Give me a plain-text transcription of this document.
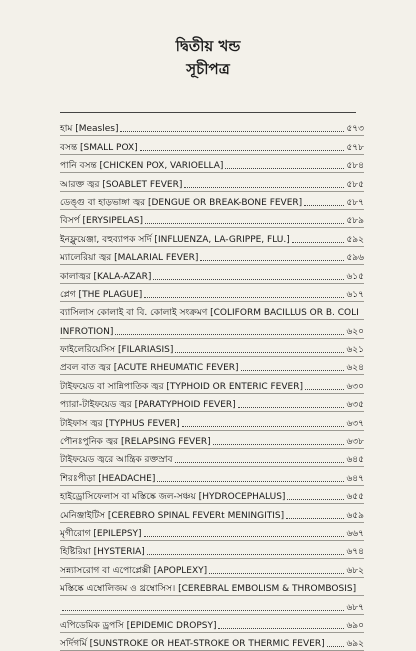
দ্বিতীয় খন্ড
সূচীপত্র
হাম [Measles]	৫৭৩
বসন্ত [SMALL POX]	৫৭৮
পানি বসন্ত [CHICKEN POX, VARIOELLA]	৫৮৪
আরক্ত জ্বর [SOABLET FEVER]	৫৮৫
ডেঙ্গু বা হাড়ভাঙ্গা জ্বর [DENGUE OR BREAK-BONE FEVER]	৫৮৭
বিসর্প [ERYSIPELAS]	৫৮৯
ইনফ্লুয়েঞ্জা, বহুব্যাপক সর্দি [INFLUENZA, LA-GRIPPE, FLU.]	৫৯২
ম্যালেরিয়া জ্বর [MALARIAL FEVER]	৫৯৬
কালাজ্বর [KALA-AZAR]	৬১৫
প্লেগ [THE PLAGUE]	৬১৭
ব্যাসিলাস কোলাই বা বি. কোলাই সংক্রমণ [COLIFORM BACILLUS OR B. COLI
INFROTION]	৬২০
ফাইলেরিয়েসিস [FILARIASIS]	৬২১
প্রবল বাত জ্বর [ACUTE RHEUMATIC FEVER]	৬২৪
টাইফয়েড বা সান্নিপাতিক জ্বর [TYPHOID OR ENTERIC FEVER]	৬৩০
প্যারা-টাইফয়েড জ্বর [PARATYPHOID FEVER]	৬৩৫
টাইফাস জ্বর [TYPHUS FEVER]	৬৩৭
পৌনঃপুনিক জ্বর [RELAPSING FEVER]	৬৩৮
টাইফয়েড জ্বরে আন্ত্রিক রক্তস্রাব	৬৪৫
শিরঃপীড়া [HEADACHE]	৬৪৭
হাইড্রোসিফেলাস বা মস্তিষ্কে জল-সঞ্চয় [HYDROCEPHALUS]	৬৫৫
মেনিঞ্জাইটিস [CEREBRO SPINAL FEVERt MENINGITIS]	৬৫৯
মৃগীরোগ [EPILEPSY]	৬৬৭
হিষ্টিরিয়া [HYSTERIA]	৬৭৪
সন্ন্যাসরোগ বা এপোপ্লেক্সী [APOPLEXY]	৬৮২
মস্তিষ্কে এম্বোলিজম ও থ্রম্বোসিস। [CEREBRAL EMBOLISM & THROMBOSIS]
৬৮৭
এপিডেমিক ড্রপসি [EPIDEMIC DROPSY]	৬৯০
সর্দিগর্মি [SUNSTROKE OR HEAT-STROKE OR THERMIC FEVER] ৬৯২
